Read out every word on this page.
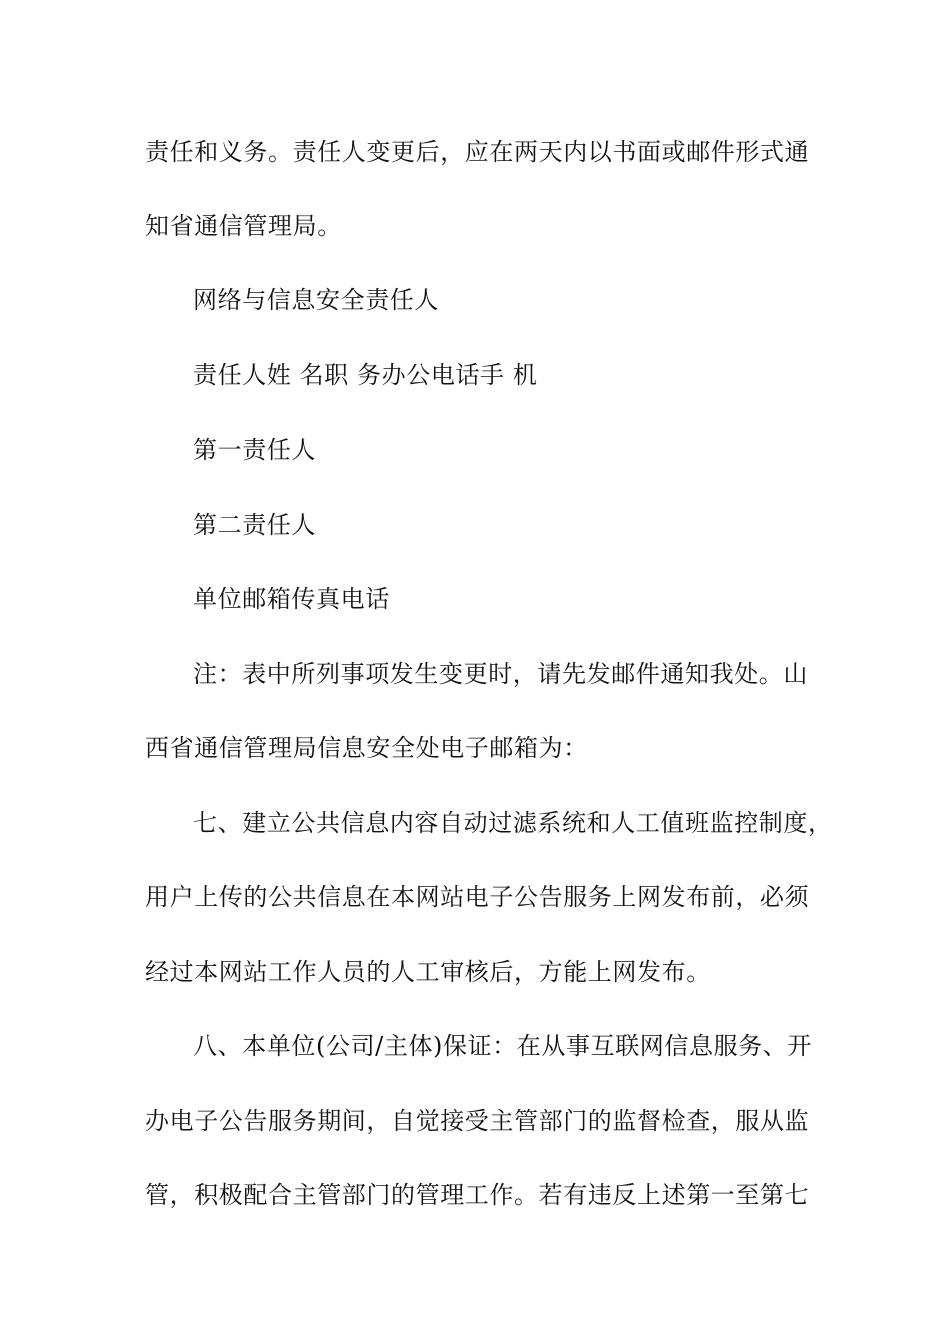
责任和义务。责任人变更后，应在两天内以书面或邮件形式通
知省通信管理局。
网络与信息安全责任人
责任人姓 名职 务办公电话手 机
第一责任人
第二责任人
单位邮箱传真电话
注：表中所列事项发生变更时，请先发邮件通知我处。山
西省通信管理局信息安全处电子邮箱为：
七、建立公共信息内容自动过滤系统和人工值班监控制度，
用户上传的公共信息在本网站电子公告服务上网发布前，必须
经过本网站工作人员的人工审核后，方能上网发布。
八、本单位(公司/主体)保证：在从事互联网信息服务、开
办电子公告服务期间，自觉接受主管部门的监督检查，服从监
管，积极配合主管部门的管理工作。若有违反上述第一至第七
